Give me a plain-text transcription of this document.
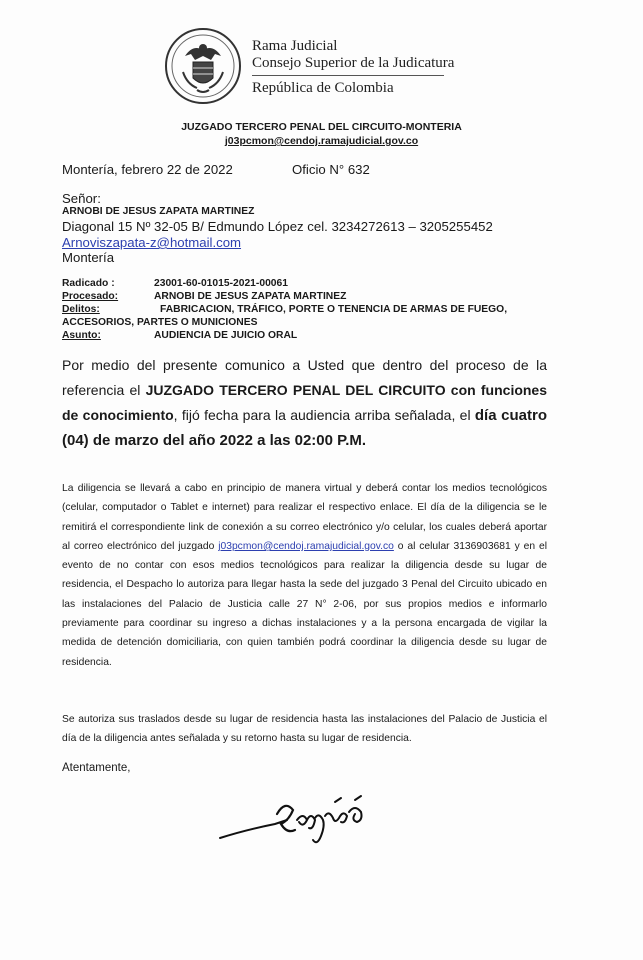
Rama Judicial
Consejo Superior de la Judicatura
República de Colombia
JUZGADO TERCERO PENAL DEL CIRCUITO-MONTERIA
j03pcmon@cendoj.ramajudicial.gov.co
Montería, febrero 22 de 2022	Oficio N° 632
Señor:
ARNOBI DE JESUS ZAPATA MARTINEZ
Diagonal 15 Nº 32-05 B/ Edmundo López cel. 3234272613 – 3205255452
Arnoviszapata-z@hotmail.com
Montería
Radicado :	23001-60-01015-2021-00061
Procesado:	ARNOBI DE JESUS ZAPATA MARTINEZ
Delitos:	FABRICACION, TRÁFICO, PORTE O TENENCIA DE ARMAS DE FUEGO,
ACCESORIOS, PARTES O MUNICIONES
Asunto:	AUDIENCIA DE JUICIO ORAL
Por medio del presente comunico a Usted que dentro del proceso de la referencia el JUZGADO TERCERO PENAL DEL CIRCUITO con funciones de conocimiento, fijó fecha para la audiencia arriba señalada, el día cuatro (04) de marzo del año 2022 a las 02:00 P.M.
La diligencia se llevará a cabo en principio de manera virtual y deberá contar los medios tecnológicos (celular, computador o Tablet e internet) para realizar el respectivo enlace. El día de la diligencia se le remitirá el correspondiente link de conexión a su correo electrónico y/o celular, los cuales deberá aportar al correo electrónico del juzgado j03pcmon@cendoj.ramajudicial.gov.co o al celular 3136903681 y en el evento de no contar con esos medios tecnológicos para realizar la diligencia desde su lugar de residencia, el Despacho lo autoriza para llegar hasta la sede del juzgado 3 Penal del Circuito ubicado en las instalaciones del Palacio de Justicia calle 27 N° 2-06, por sus propios medios e informarlo previamente para coordinar su ingreso a dichas instalaciones y a la persona encargada de vigilar la medida de detención domiciliaria, con quien también podrá coordinar la diligencia desde su lugar de residencia.
Se autoriza sus traslados desde su lugar de residencia hasta las instalaciones del Palacio de Justicia el día de la diligencia antes señalada y su retorno hasta su lugar de residencia.
Atentamente,
